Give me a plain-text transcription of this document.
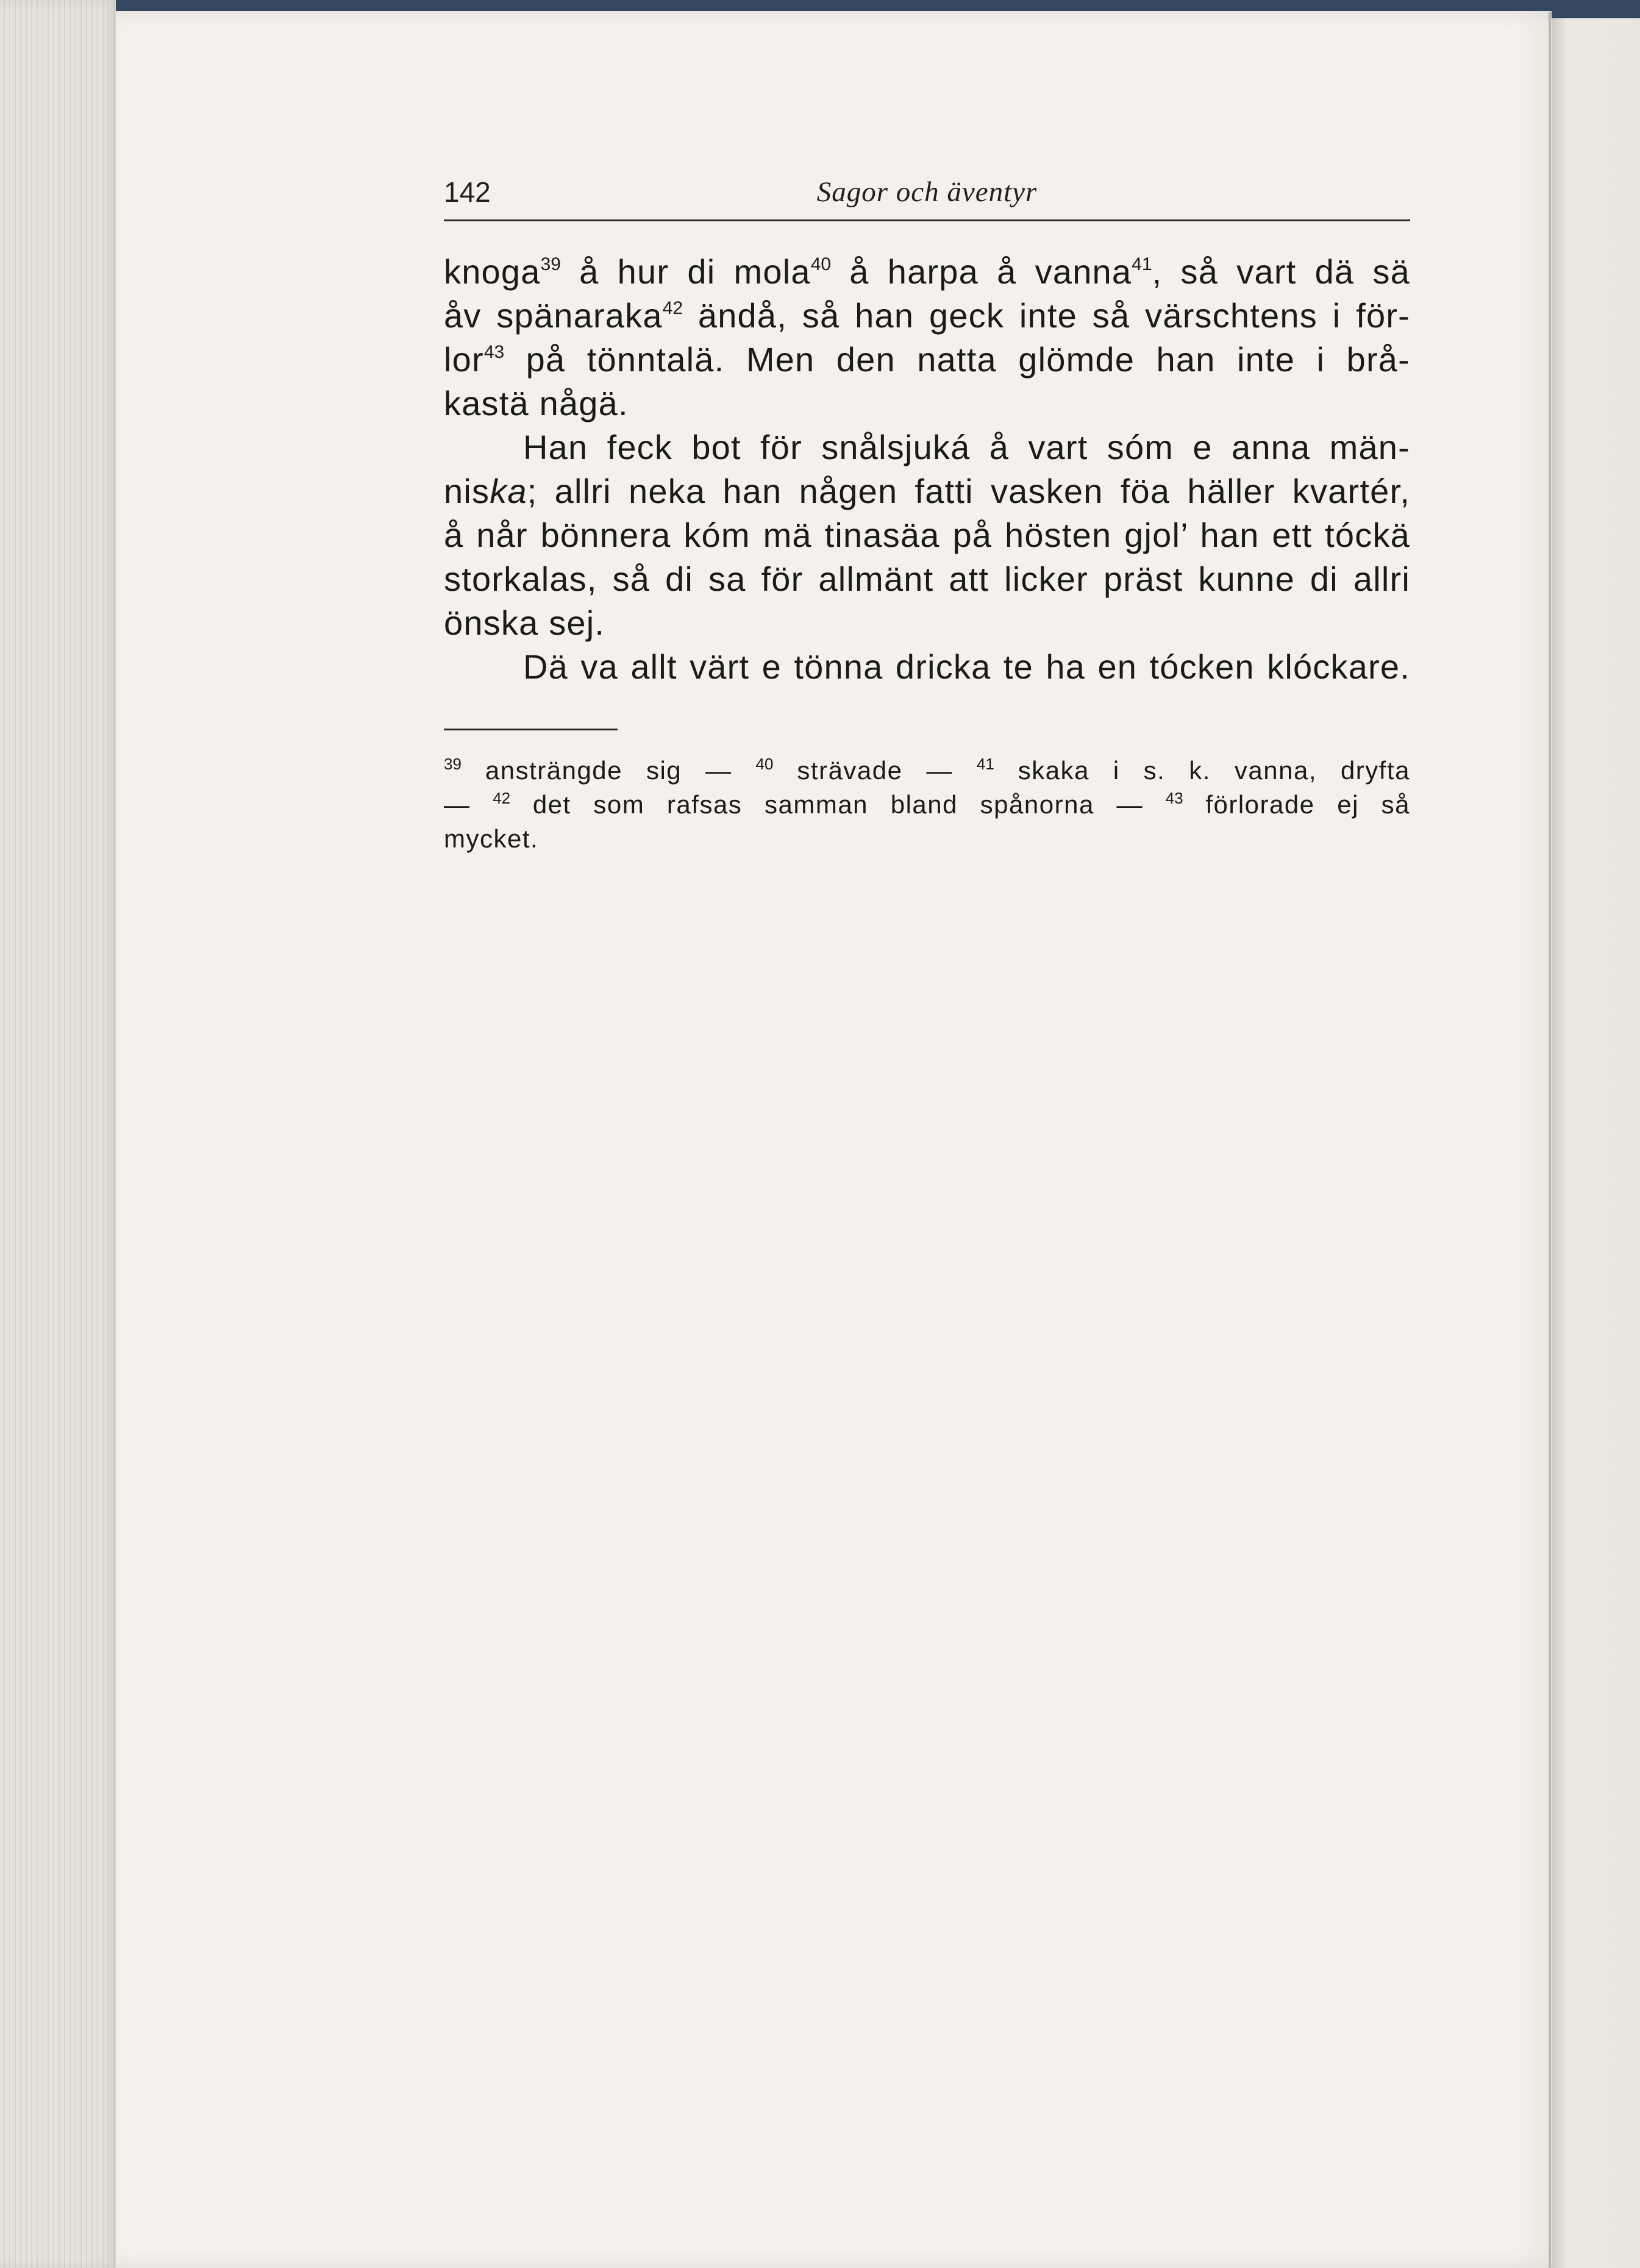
142	Sagor och äventyr
knoga$^{39}$ å hur di mola$^{40}$ å harpa å vanna$^{41}$, så vart dä sä
åv spänaraka$^{42}$ ändå, så han geck inte så värschtens i för-
lor$^{43}$ på tönntalä. Men den natta glömde han inte i brå-
kastä någä.
Han feck bot för snålsjuká å vart sóm e anna män-
niska; allri neka han någen fatti vasken föa häller kvartér,
å når bönnera kóm mä tinasäa på hösten gjol’ han ett tóckä
storkalas, så di sa för allmänt att licker präst kunne di allri
önska sej.
Dä va allt värt e tönna dricka te ha en tócken klóckare.
$^{39}$ ansträngde sig — $^{40}$ strävade — $^{41}$ skaka i s. k. vanna, dryfta
— $^{42}$ det som rafsas samman bland spånorna — $^{43}$ förlorade ej så
mycket.
